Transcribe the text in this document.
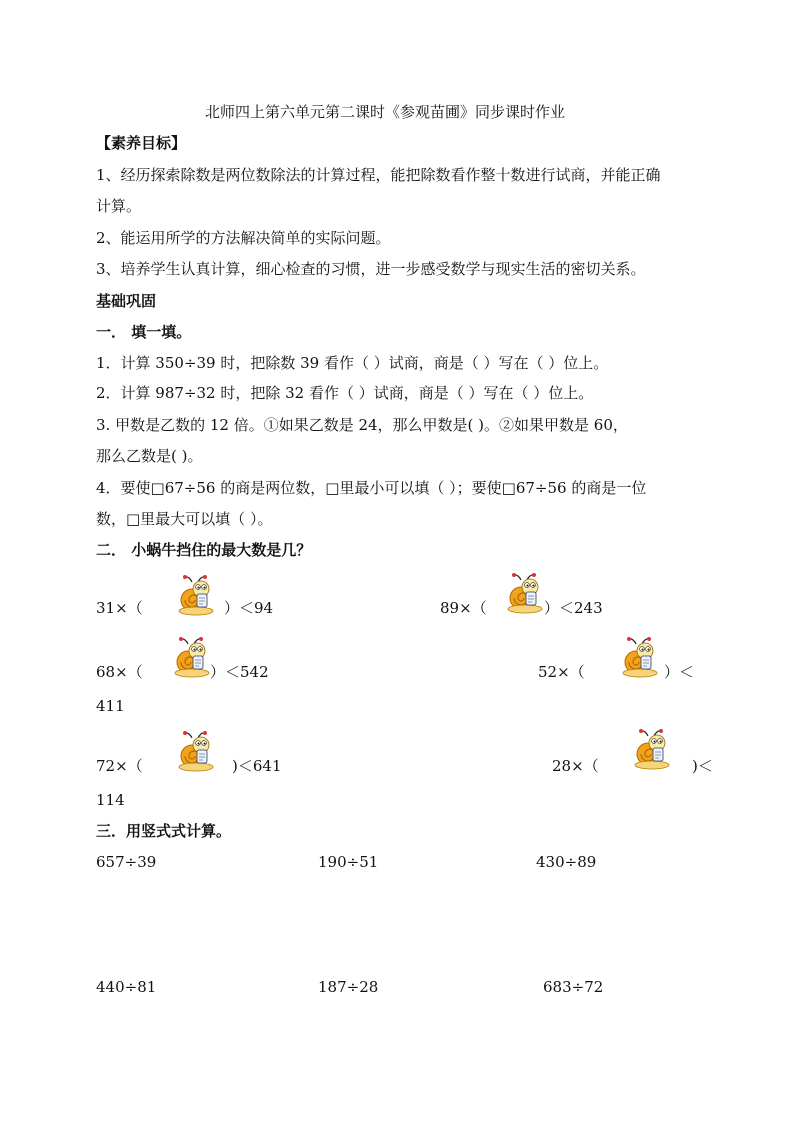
北师四上第六单元第二课时《参观苗圃》同步课时作业
【素养目标】
1、经历探索除数是两位数除法的计算过程，能把除数看作整十数进行试商，并能正确
计算。
2、能运用所学的方法解决简单的实际问题。
3、培养学生认真计算，细心检查的习惯，进一步感受数学与现实生活的密切关系。
基础巩固
一． 填一填。
1．计算 350÷39 时，把除数 39 看作（ ）试商，商是（ ）写在（ ）位上。
2．计算 987÷32 时，把除 32 看作（ ）试商，商是（ ）写在（ ）位上。
3. 甲数是乙数的 12 倍。①如果乙数是 24，那么甲数是( )。②如果甲数是 60，
那么乙数是( )。
4．要使□67÷56 的商是两位数，□里最小可以填（ ）；要使□67÷56 的商是一位
数，□里最大可以填（ ）。
二． 小蜗牛挡住的最大数是几？
31×（	）＜94	89×（	）＜243
68×（	）＜542	52×（	）＜
411
72×（	)＜641	28×（	)＜
114
三．用竖式式计算。
657÷39	190÷51	430÷89
440÷81	187÷28	683÷72
